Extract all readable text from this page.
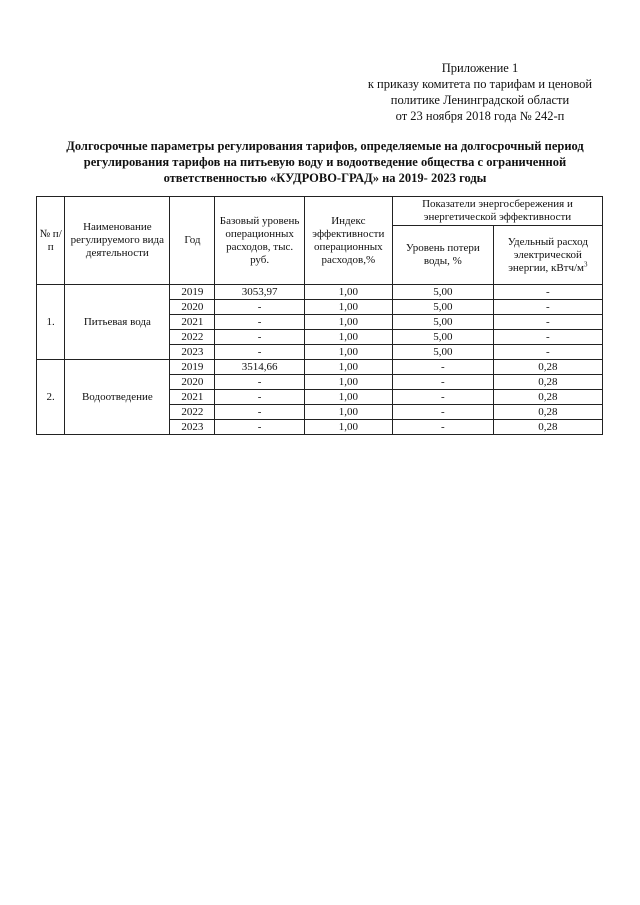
Приложение 1
к приказу комитета по тарифам и ценовой
политике Ленинградской области
от 23 ноября 2018 года № 242-п
Долгосрочные параметры регулирования тарифов, определяемые на долгосрочный период
регулирования тарифов на питьевую воду и водоотведение общества с ограниченной
ответственностью «КУДРОВО-ГРАД» на 2019- 2023 годы
№ п/п	Наименование регулируемого вида деятельности	Год	Базовый уровень операционных расходов, тыс. руб.	Индекс эффективности операционных расходов,%	Показатели энергосбережения и энергетической эффективности	
					Уровень потери воды, %	Удельный расход электрической энергии, кВтч/$м^3$
1.	Питьевая вода	2019	3053,97	1,00	5,00	-
		2020	-	1,00	5,00	-
		2021	-	1,00	5,00	-
		2022	-	1,00	5,00	-
		2023	-	1,00	5,00	-
2.	Водоотведение	2019	3514,66	1,00	-	0,28
		2020	-	1,00	-	0,28
		2021	-	1,00	-	0,28
		2022	-	1,00	-	0,28
		2023	-	1,00	-	0,28
